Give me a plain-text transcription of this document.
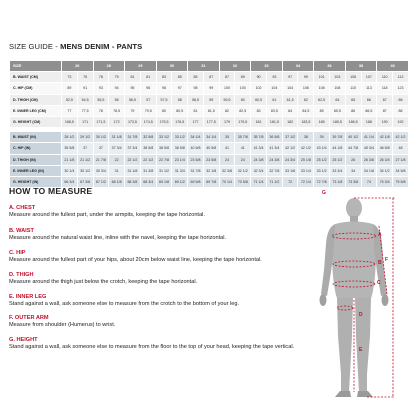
SIZE GUIDE - MENS DENIM - PANTS
SIZE	26		28		29		30		31		32		33		34		36		38		40	
B. WAIST (CM)	73	75	78	79	81	81	83	85	85	87	87	89	90	93	97	99	101	103	106	107	110	113
C. HIP (CM)	89	91	93	94	95	96	96	97	98	99	100	100	102	104	104	106	108	108	110	113	118	123
D. THIGH (CM)	52,5	54,5	55,5	56	56,5	57	57,5	58	58,5	59	59,5	60	60,5	61	61,5	62	62,5	64	65	66	67	68
E. INNER LEG (CM)	77	77,5	78	78,5	79	79,5	80	80,5	81	81,5	82	82,5	83	83,5	84	84,5	85	85,5	86	86,5	87	88
G. HEIGHT (CM)	168,5	171	171,5	172	173,5	174,5	175,5	176,5	177	177,5	179	179,5	181	181,5	182	183,5	185	185,5	186,5	188	190	192

B. WAIST (IN)	28 1/2	29 1/2	30 1/2	31 1/8	31 7/8	32 5/8	33 1/2	33 1/2	34 1/4	34 1/4	35	35 7/8	35 7/8	36 5/8	37 1/2	38	39	39 7/8	40 1/2	41 1/4	42 1/8	42 1/2
C. HIP (IN)	35 5/8	37	37	37 3/4	37 3/4	38 5/8	38 5/8	38 5/8	40 5/8	40 5/8	41	41	41 3/4	41 3/4	42 1/2	42 1/2	43 1/4	44 1/8	44 7/8	45 3/4	46 5/8	48
D. THIGH (IN)	21 1/8	21 1/2	21 7/8	22	22 1/2	22 1/2	22 7/8	23 1/4	23 5/8	23 5/8	24	24	24 3/8	24 3/8	24 3/4	25 1/8	25 1/2	25 1/2	26	26 3/8	26 3/4	27 1/8
E. INNER LEG (IN)	30 1/4	30 1/2	30 3/4	31	31 1/8	31 3/8	31 1/2	31 3/4	31 7/8	32 1/8	32 3/8	32 1/2	32 3/4	32 7/8	33 1/8	33 1/4	33 1/2	33 3/4	34	34 1/8	34 1/2	34 5/8
G. HEIGHT (IN)	66 3/4	67 3/8	67 1/2	68 1/8	68 3/8	68 3/4	69 1/8	69 1/2	69 5/8	69 7/8	70 1/4	70 5/8	71 1/4	71 1/2	72	72 1/4	72 7/8	73 1/8	73 3/8	74	74 3/4	75 5/8
HOW TO MEASURE
A. CHEST
Measure around the fullest part, under the armpits, keeping the tape horizontal.
B. WAIST
Measure around the natural waist line, inline with the navel, keeping the tape horizontal.
C. HIP
Measure around the fullest part of your hips, about 20cm below waist line, keeping the tape horizontal.
D. THIGH
Measure around the thigh just below the crotch, keeping the tape horizontal.
E. INNER LEG
Stand against a wall, ask someone else to measure from the crotch to the bottom of your leg.
F. OUTER ARM
Measure from shoulder (Humerus) to wrist.
G. HEIGHT
Stand against a wall, ask someone else to measure from the floor to the top of your head, keeping the tape vertical.
G
A
F
B
C
D
E
